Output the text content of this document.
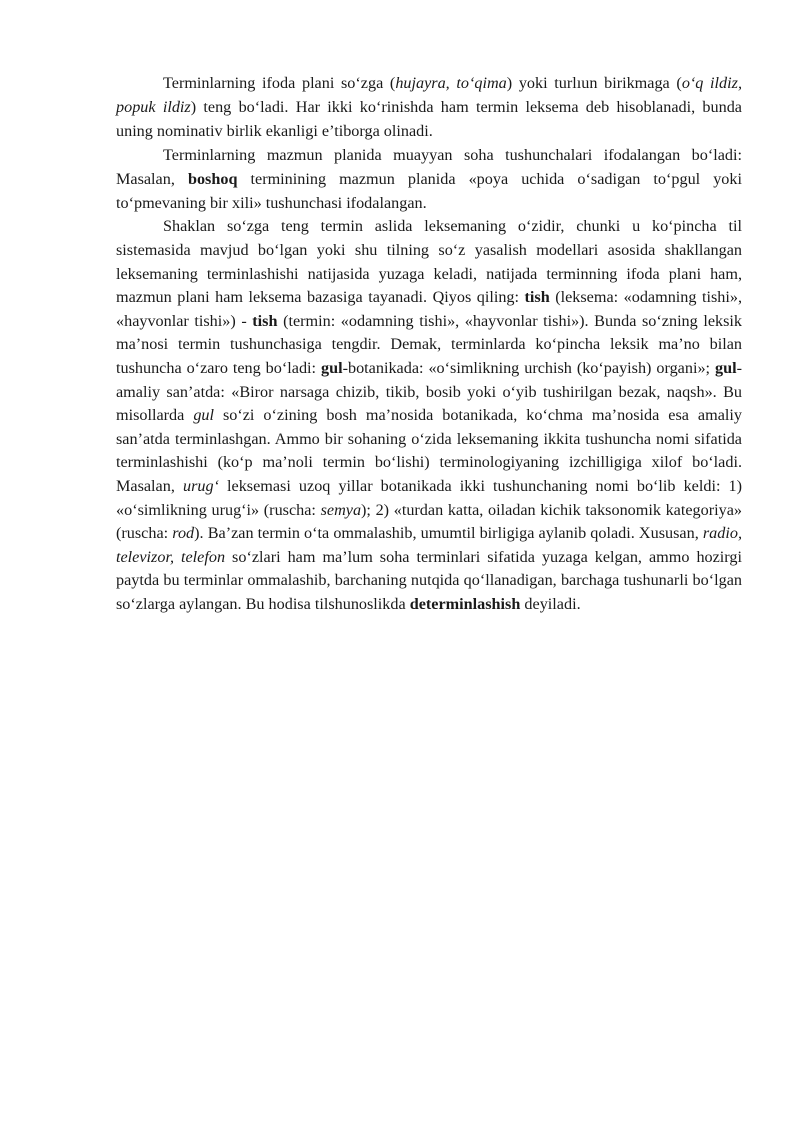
Terminlarning ifoda plani so‘zga (hujayra, to‘qima) yoki turlıun birikmaga (o‘q ildiz, popuk ildiz) teng bo‘ladi. Har ikki ko‘rinishda ham termin leksema deb hisoblanadi, bunda uning nominativ birlik ekanligi e’tiborga olinadi.

Terminlarning mazmun planida muayyan soha tushunchalari ifodalangan bo‘ladi: Masalan, boshoq terminining mazmun planida «poya uchida o‘sadigan to‘pgul yoki to‘pmevaning bir xili» tushunchasi ifodalangan.

Shaklan so‘zga teng termin aslida leksemaning o‘zidir, chunki u ko‘pincha til sistemasida mavjud bo‘lgan yoki shu tilning so‘z yasalish modellari asosida shakllangan leksemaning terminlashishi natijasida yuzaga keladi, natijada terminning ifoda plani ham, mazmun plani ham leksema bazasiga tayanadi. Qiyos qiling: tish (leksema: «odamning tishi», «hayvonlar tishi») - tish (termin: «odamning tishi», «hayvonlar tishi»). Bunda so‘zning leksik ma’nosi termin tushunchasiga tengdir. Demak, terminlarda ko‘pincha leksik ma’no bilan tushuncha o‘zaro teng bo‘ladi: gul-botanikada: «o‘simlikning urchish (ko‘payish) organi»; gul-amaliy san’atda: «Biror narsaga chizib, tikib, bosib yoki o‘yib tushirilgan bezak, naqsh». Bu misollarda gul so‘zi o‘zining bosh ma’nosida botanikada, ko‘chma ma’nosida esa amaliy san’atda terminlashgan. Ammo bir sohaning o‘zida leksemaning ikkita tushuncha nomi sifatida terminlashishi (ko‘p ma’noli termin bo‘lishi) terminologiyaning izchilligiga xilof bo‘ladi. Masalan, urug‘ leksemasi uzoq yillar botanikada ikki tushunchaning nomi bo‘lib keldi: 1) «o‘simlikning urug‘i» (ruscha: semya); 2) «turdan katta, oiladan kichik taksonomik kategoriya» (ruscha: rod). Ba’zan termin o‘ta ommalashib, umumtil birligiga aylanib qoladi. Xususan, radio, televizor, telefon so‘zlari ham ma’lum soha terminlari sifatida yuzaga kelgan, ammo hozirgi paytda bu terminlar ommalashib, barchaning nutqida qo‘llanadigan, barchaga tushunarli bo‘lgan so‘zlarga aylangan. Bu hodisa tilshunoslikda determinlashish deyiladi.
